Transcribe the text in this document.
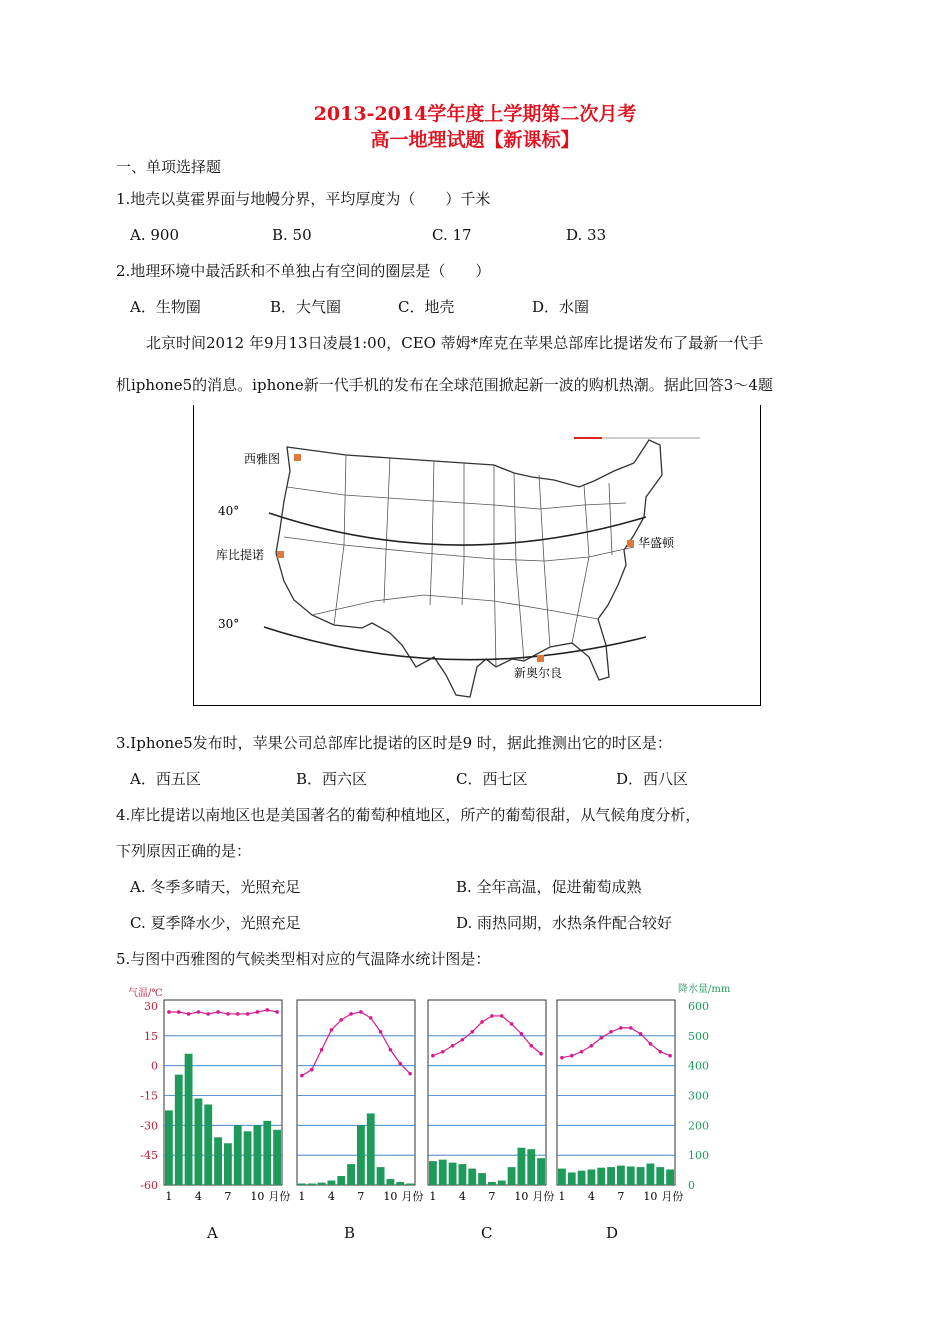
2013-2014学年度上学期第二次月考
高一地理试题【新课标】
一、单项选择题
1.地壳以莫霍界面与地幔分界，平均厚度为（　　）千米
A. 900	B. 50	C. 17	D. 33
2.地理环境中最活跃和不单独占有空间的圈层是（　　）
A．生物圈	B．大气圈	C．地壳	D．水圈
北京时间2012 年9月13日凌晨1:00，CEO 蒂姆*库克在苹果总部库比提诺发布了最新一代手
机iphone5的消息。iphone新一代手机的发布在全球范围掀起新一波的购机热潮。据此回答3～4题
西雅图
库比提诺
华盛顿
新奥尔良
40°
30°
3.Iphone5发布时，苹果公司总部库比提诺的区时是9 时，据此推测出它的时区是：
A．西五区	B．西六区	C．西七区	D．西八区
4.库比提诺以南地区也是美国著名的葡萄种植地区，所产的葡萄很甜，从气候角度分析，
下列原因正确的是：
A. 冬季多晴天，光照充足	B. 全年高温，促进葡萄成熟
C. 夏季降水少，光照充足	D. 雨热同期，水热条件配合较好
5.与图中西雅图的气候类型相对应的气温降水统计图是：
气温/℃
30
15
0
-15
-30
-45
-60
降水量/mm
600
500
400
300
200
100
0
1 4 7 10 月份 1 4 7 10 月份 1 4 7 10 月份 1 4 7 10 月份
A	B	C	D
